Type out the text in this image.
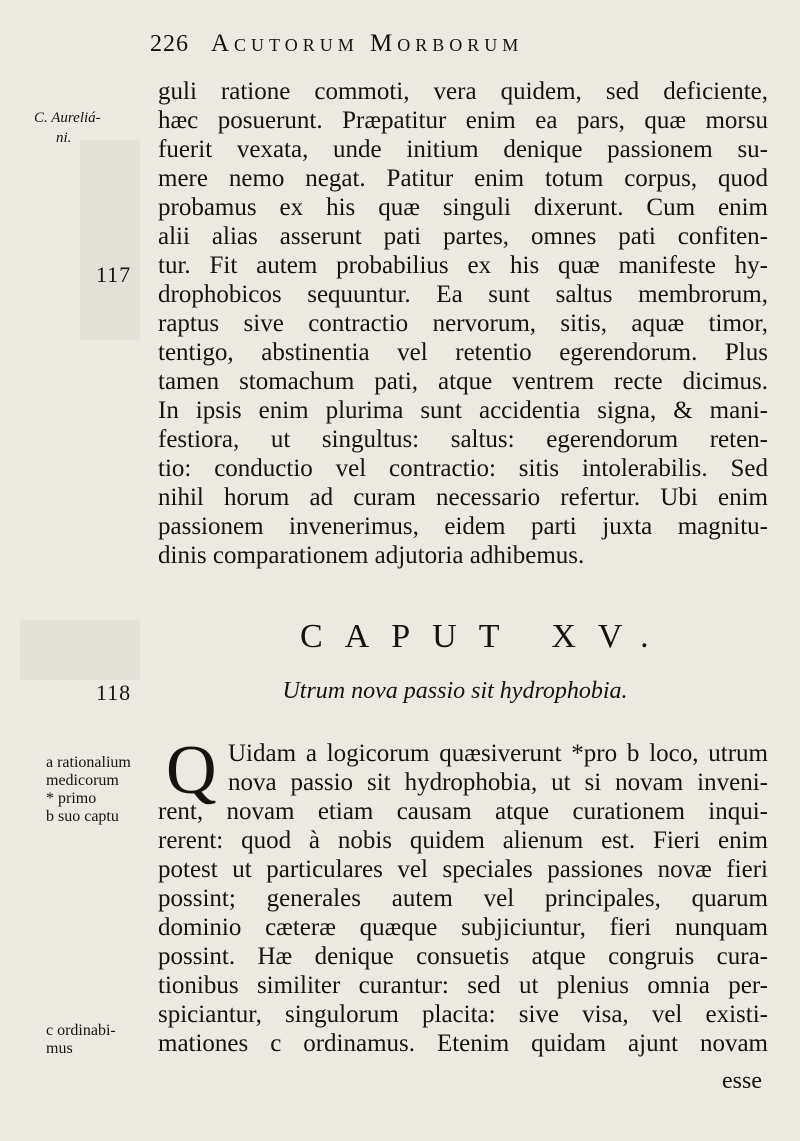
226 Acutorum Morborum
C. Aureliá-
ni.
117
118
a rationalium
medicorum
* primo
b suo captu
c ordinabi-
mus
guli ratione commoti, vera quidem, sed deficiente,
hæc posuerunt. Præpatitur enim ea pars, quæ morsu
fuerit vexata, unde initium denique passionem su-
mere nemo negat. Patitur enim totum corpus, quod
probamus ex his quæ singuli dixerunt. Cum enim
alii alias asserunt pati partes, omnes pati confiten-
tur. Fit autem probabilius ex his quæ manifeste hy-
drophobicos sequuntur. Ea sunt saltus membrorum,
raptus sive contractio nervorum, sitis, aquæ timor,
tentigo, abstinentia vel retentio egerendorum. Plus
tamen stomachum pati, atque ventrem recte dicimus.
In ipsis enim plurima sunt accidentia signa, & mani-
festiora, ut singultus: saltus: egerendorum reten-
tio: conductio vel contractio: sitis intolerabilis. Sed
nihil horum ad curam necessario refertur. Ubi enim
passionem invenerimus, eidem parti juxta magnitu-
dinis comparationem adjutoria adhibemus.
CAPUT XV.
Utrum nova passio sit hydrophobia.
Q Uidam a logicorum quæsiverunt *pro b loco, utrum
nova passio sit hydrophobia, ut si novam inveni-
rent, novam etiam causam atque curationem inqui-
rerent: quod à nobis quidem alienum est. Fieri enim
potest ut particulares vel speciales passiones novæ fieri
possint; generales autem vel principales, quarum
dominio cæteræ quæque subjiciuntur, fieri nunquam
possint. Hæ denique consuetis atque congruis cura-
tionibus similiter curantur: sed ut plenius omnia per-
spiciantur, singulorum placita: sive visa, vel existi-
mationes c ordinamus. Etenim quidam ajunt novam
esse
